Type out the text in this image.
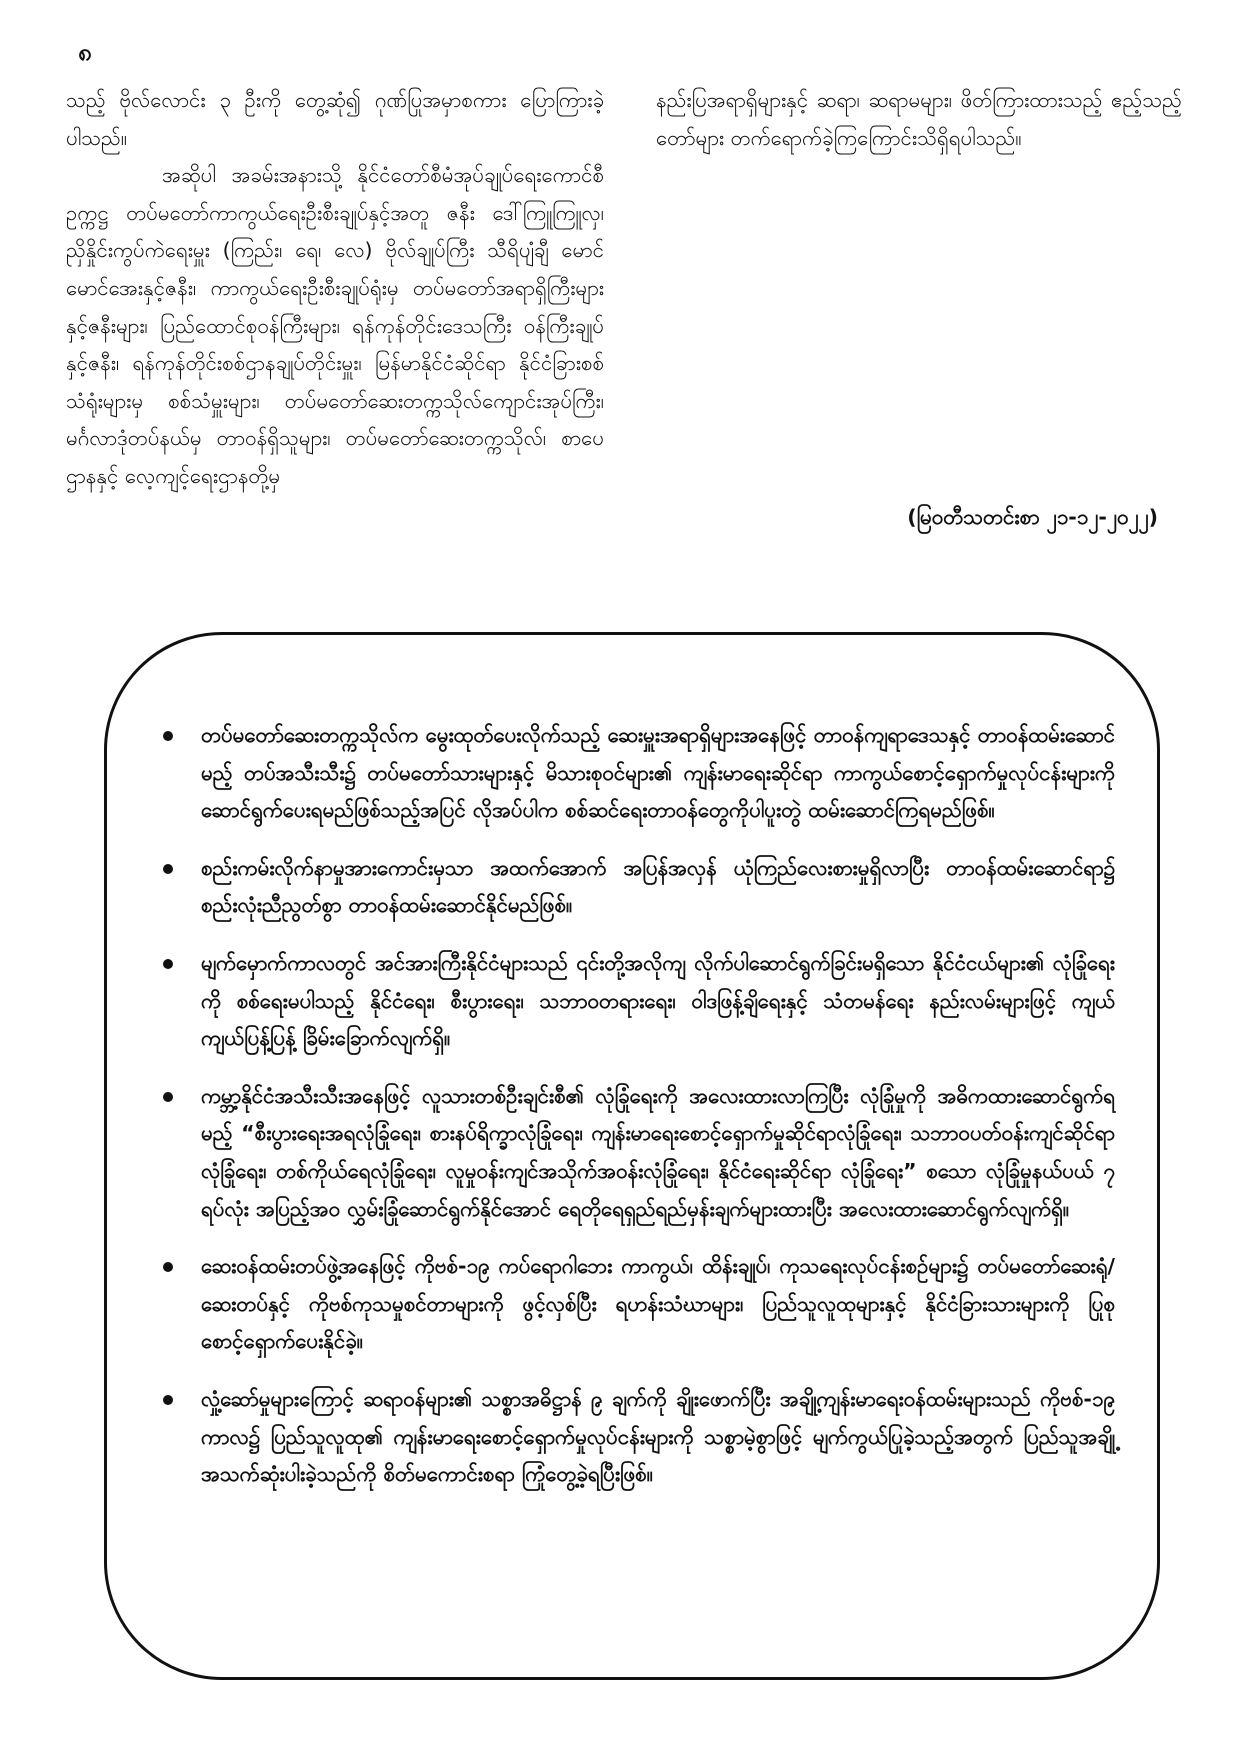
၈

သည့် ဗိုလ်လောင်း ၃ ဦးကို တွေ့ဆုံ၍ ဂုဏ်ပြုအမှာစကား ပြောကြားခဲ့ပါသည်။

အဆိုပါ အခမ်းအနားသို့ နိုင်ငံတော်စီမံအုပ်ချုပ်ရေးကောင်စီဥက္ကဋ္ဌ တပ်မတော်ကာကွယ်ရေးဦးစီးချုပ်နှင့်အတူ ဇနီး ဒေါ်ကြူကြူလှ၊ ညှိနှိုင်းကွပ်ကဲရေးမှူး (ကြည်း၊ ရေ၊ လေ) ဗိုလ်ချုပ်ကြီး သီရိပျံချီ မောင်မောင်အေးနှင့်ဇနီး၊ ကာကွယ်ရေးဦးစီးချုပ်ရုံးမှ တပ်မတော်အရာရှိကြီးများနှင့်ဇနီးများ၊ ပြည်ထောင်စုဝန်ကြီးများ၊ ရန်ကုန်တိုင်းဒေသကြီး ဝန်ကြီးချုပ်နှင့်ဇနီး၊ ရန်ကုန်တိုင်းစစ်ဌာနချုပ်တိုင်းမှူး၊ မြန်မာနိုင်ငံဆိုင်ရာ နိုင်ငံခြားစစ်သံရုံးများမှ စစ်သံမှူးများ၊ တပ်မတော်ဆေးတက္ကသိုလ်ကျောင်းအုပ်ကြီး၊ မင်္ဂလာဒုံတပ်နယ်မှ တာဝန်ရှိသူများ၊ တပ်မတော်ဆေးတက္ကသိုလ်၊ စာပေဌာနနှင့် လေ့ကျင့်ရေးဌာနတို့မှ

နည်းပြအရာရှိများနှင့် ဆရာ၊ ဆရာမများ၊ ဖိတ်ကြားထားသည့် ဧည့်သည့်တော်များ တက်ရောက်ခဲ့ကြကြောင်းသိရှိရပါသည်။

(မြဝတီသတင်းစာ ၂၁-၁၂-၂၀၂၂)

တပ်မတော်ဆေးတက္ကသိုလ်က မွေးထုတ်ပေးလိုက်သည့် ဆေးမှူးအရာရှိများအနေဖြင့် တာဝန်ကျရာဒေသနှင့် တာဝန်ထမ်းဆောင်မည့် တပ်အသီးသီး၌ တပ်မတော်သားများနှင့် မိသားစုဝင်များ၏ ကျန်းမာရေးဆိုင်ရာ ကာကွယ်စောင့်ရှောက်မှုလုပ်ငန်းများကို ဆောင်ရွက်ပေးရမည်ဖြစ်သည့်အပြင် လိုအပ်ပါက စစ်ဆင်ရေးတာဝန်တွေကိုပါပူးတွဲ ထမ်းဆောင်ကြရမည်ဖြစ်။

စည်းကမ်းလိုက်နာမှုအားကောင်းမှသာ အထက်အောက် အပြန်အလှန် ယုံကြည်လေးစားမှုရှိလာပြီး တာဝန်ထမ်းဆောင်ရာ၌ စည်းလုံးညီညွတ်စွာ တာဝန်ထမ်းဆောင်နိုင်မည်ဖြစ်။

မျက်မှောက်ကာလတွင် အင်အားကြီးနိုင်ငံများသည် ၎င်းတို့အလိုကျ လိုက်ပါဆောင်ရွက်ခြင်းမရှိသော နိုင်ငံငယ်များ၏ လုံခြုံရေးကို စစ်ရေးမပါသည့် နိုင်ငံရေး၊ စီးပွားရေး၊ သဘာဝတရားရေး၊ ဝါဒဖြန့်ချိရေးနှင့် သံတမန်ရေး နည်းလမ်းများဖြင့် ကျယ်ကျယ်ပြန့်ပြန့် ခြိမ်းခြောက်လျက်ရှိ။

ကမ္ဘာ့နိုင်ငံအသီးသီးအနေဖြင့် လူသားတစ်ဦးချင်းစီ၏ လုံခြုံရေးကို အလေးထားလာကြပြီး လုံခြုံမှုကို အဓိကထားဆောင်ရွက်ရမည့် “စီးပွားရေးအရလုံခြုံရေး၊ စားနပ်ရိက္ခာလုံခြုံရေး၊ ကျန်းမာရေးစောင့်ရှောက်မှုဆိုင်ရာလုံခြုံရေး၊ သဘာဝပတ်ဝန်းကျင်ဆိုင်ရာ လုံခြုံရေး၊ တစ်ကိုယ်ရေလုံခြုံရေး၊ လူမှုဝန်းကျင်အသိုက်အဝန်းလုံခြုံရေး၊ နိုင်ငံရေးဆိုင်ရာ လုံခြုံရေး” စသော လုံခြုံမှုနယ်ပယ် ၇ ရပ်လုံး အပြည့်အဝ လွှမ်းခြုံဆောင်ရွက်နိုင်အောင် ရေတိုရေရှည်ရည်မှန်းချက်များထားပြီး အလေးထားဆောင်ရွက်လျက်ရှိ။

ဆေးဝန်ထမ်းတပ်ဖွဲ့အနေဖြင့် ကိုဗစ်-၁၉ ကပ်ရောဂါဘေး ကာကွယ်၊ ထိန်းချုပ်၊ ကုသရေးလုပ်ငန်းစဉ်များ၌ တပ်မတော်ဆေးရုံ/ဆေးတပ်နှင့် ကိုဗစ်ကုသမှုစင်တာများကို ဖွင့်လှစ်ပြီး ရဟန်းသံဃာများ၊ ပြည်သူလူထုများနှင့် နိုင်ငံခြားသားများကို ပြုစုစောင့်ရှောက်ပေးနိုင်ခဲ့။

လှုံ့ဆော်မှုများကြောင့် ဆရာဝန်များ၏ သစ္စာအဓိဋ္ဌာန် ၉ ချက်ကို ချိုးဖောက်ပြီး အချို့ကျန်းမာရေးဝန်ထမ်းများသည် ကိုဗစ်-၁၉ ကာလ၌ ပြည်သူလူထု၏ ကျန်းမာရေးစောင့်ရှောက်မှုလုပ်ငန်းများကို သစ္စာမဲ့စွာဖြင့် မျက်ကွယ်ပြုခဲ့သည့်အတွက် ပြည်သူအချို့ အသက်ဆုံးပါးခဲ့သည်ကို စိတ်မကောင်းစရာ ကြုံတွေ့ခဲ့ရပြီးဖြစ်။
